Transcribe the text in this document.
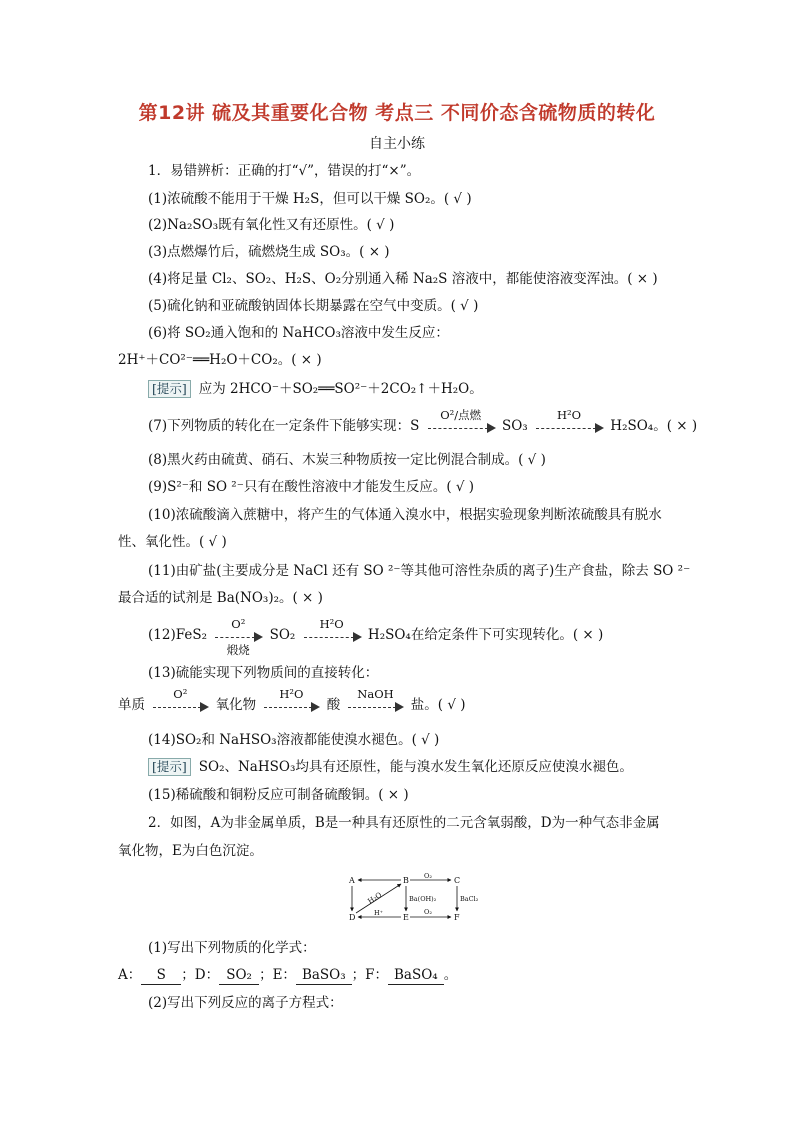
第12讲 硫及其重要化合物 考点三 不同价态含硫物质的转化
自主小练
1．易错辨析：正确的打“√”，错误的打“×”。
(1)浓硫酸不能用于干燥 H₂S，但可以干燥 SO₂。( √ )
(2)Na₂SO₃既有氧化性又有还原性。( √ )
(3)点燃爆竹后，硫燃烧生成 SO₃。( × )
(4)将足量 Cl₂、SO₂、H₂S、O₂分别通入稀 Na₂S 溶液中，都能使溶液变浑浊。( × )
(5)硫化钠和亚硫酸钠固体长期暴露在空气中变质。( √ )
(6)将 SO₂通入饱和的 NaHCO₃溶液中发生反应：
2H⁺＋CO²⁻══H₂O＋CO₂。( × )
[提示] 应为 2HCO⁻＋SO₂══SO²⁻＋2CO₂↑＋H₂O。
(7)下列物质的转化在一定条件下能够实现：S
O²/点燃
SO₃
H²O
H₂SO₄。( × )
(8)黑火药由硫黄、硝石、木炭三种物质按一定比例混合制成。( √ )
(9)S²⁻和 SO ²⁻只有在酸性溶液中才能发生反应。( √ )
(10)浓硫酸滴入蔗糖中，将产生的气体通入溴水中，根据实验现象判断浓硫酸具有脱水
性、氧化性。( √ )
(11)由矿盐(主要成分是 NaCl 还有 SO ²⁻等其他可溶性杂质的离子)生产食盐，除去 SO ²⁻
最合适的试剂是 Ba(NO₃)₂。( × )
(12)FeS₂
O²
煅烧
SO₂
H²O
H₂SO₄在给定条件下可实现转化。( × )
(13)硫能实现下列物质间的直接转化：
单质
O²
氧化物
H²O
酸
NaOH
盐。( √ )
(14)SO₂和 NaHSO₃溶液都能使溴水褪色。( √ )
[提示] SO₂、NaHSO₃均具有还原性，能与溴水发生氧化还原反应使溴水褪色。
(15)稀硫酸和铜粉反应可制备硫酸铜。( × )
2．如图，A为非金属单质，B是一种具有还原性的二元含氧弱酸，D为一种气态非金属
氧化物，E为白色沉淀。
A	B	C
D	E	F
H₂O
O₂
Ba(OH)₂	BaCl₂
H⁺	O₂
(1)写出下列物质的化学式：
A： S ；D： SO₂ ；E： BaSO₃ ；F： BaSO₄ 。
(2)写出下列反应的离子方程式：
